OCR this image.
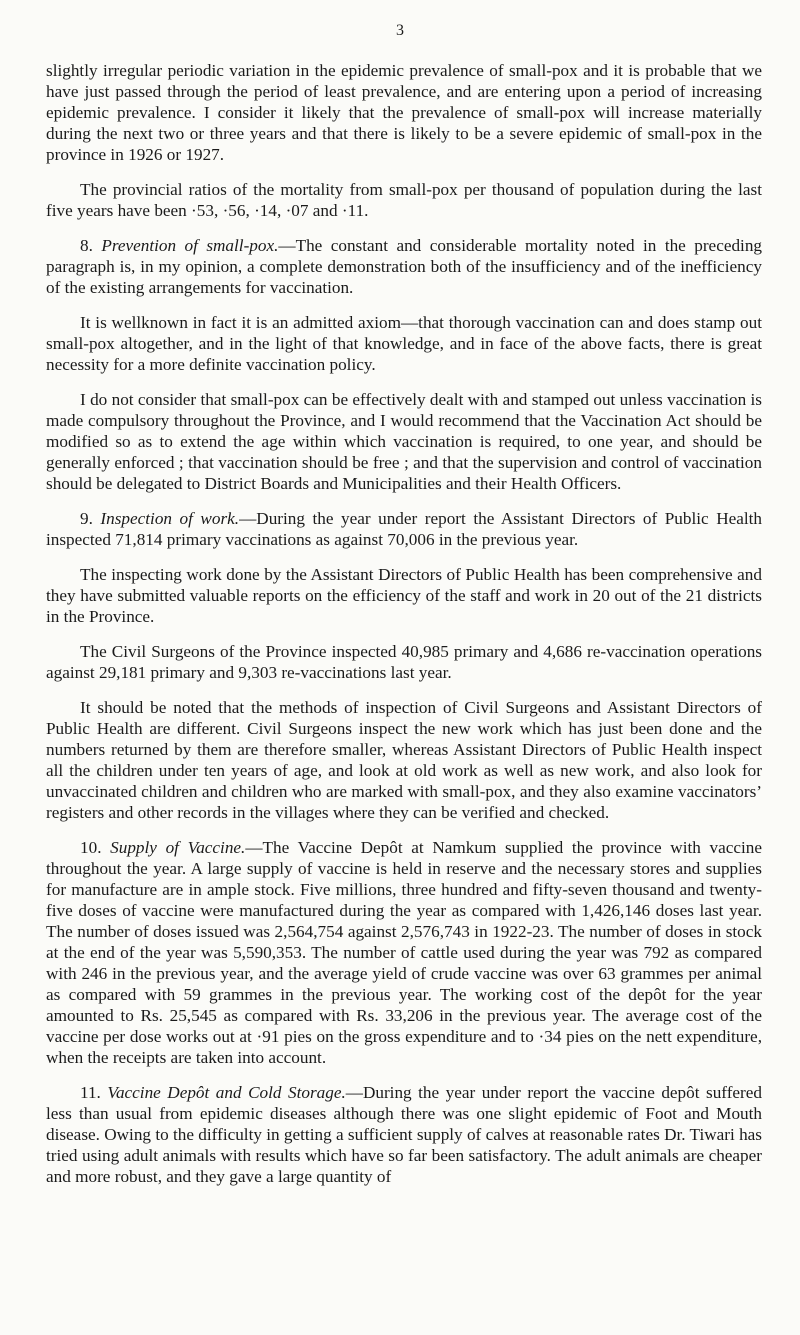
3

slightly irregular periodic variation in the epidemic prevalence of small-pox and it is probable that we have just passed through the period of least prevalence, and are entering upon a period of increasing epidemic prevalence. I consider it likely that the prevalence of small-pox will increase materially during the next two or three years and that there is likely to be a severe epidemic of small-pox in the province in 1926 or 1927.

The provincial ratios of the mortality from small-pox per thousand of population during the last five years have been ·53, ·56, ·14, ·07 and ·11.

8. Prevention of small-pox.—The constant and considerable mortality noted in the preceding paragraph is, in my opinion, a complete demonstration both of the insufficiency and of the inefficiency of the existing arrangements for vaccination.

It is wellknown in fact it is an admitted axiom—that thorough vaccination can and does stamp out small-pox altogether, and in the light of that knowledge, and in face of the above facts, there is great necessity for a more definite vaccination policy.

I do not consider that small-pox can be effectively dealt with and stamped out unless vaccination is made compulsory throughout the Province, and I would recommend that the Vaccination Act should be modified so as to extend the age within which vaccination is required, to one year, and should be generally enforced ; that vaccination should be free ; and that the supervision and control of vaccination should be delegated to District Boards and Municipalities and their Health Officers.

9. Inspection of work.—During the year under report the Assistant Directors of Public Health inspected 71,814 primary vaccinations as against 70,006 in the previous year.

The inspecting work done by the Assistant Directors of Public Health has been comprehensive and they have submitted valuable reports on the efficiency of the staff and work in 20 out of the 21 districts in the Province.

The Civil Surgeons of the Province inspected 40,985 primary and 4,686 re-vaccination operations against 29,181 primary and 9,303 re-vaccinations last year.

It should be noted that the methods of inspection of Civil Surgeons and Assistant Directors of Public Health are different. Civil Surgeons inspect the new work which has just been done and the numbers returned by them are therefore smaller, whereas Assistant Directors of Public Health inspect all the children under ten years of age, and look at old work as well as new work, and also look for unvaccinated children and children who are marked with small-pox, and they also examine vaccinators’ registers and other records in the villages where they can be verified and checked.

10. Supply of Vaccine.—The Vaccine Depôt at Namkum supplied the province with vaccine throughout the year. A large supply of vaccine is held in reserve and the necessary stores and supplies for manufacture are in ample stock. Five millions, three hundred and fifty-seven thousand and twenty-five doses of vaccine were manufactured during the year as compared with 1,426,146 doses last year. The number of doses issued was 2,564,754 against 2,576,743 in 1922-23. The number of doses in stock at the end of the year was 5,590,353. The number of cattle used during the year was 792 as compared with 246 in the previous year, and the average yield of crude vaccine was over 63 grammes per animal as compared with 59 grammes in the previous year. The working cost of the depôt for the year amounted to Rs. 25,545 as compared with Rs. 33,206 in the previous year. The average cost of the vaccine per dose works out at ·91 pies on the gross expenditure and to ·34 pies on the nett expenditure, when the receipts are taken into account.

11. Vaccine Depôt and Cold Storage.—During the year under report the vaccine depôt suffered less than usual from epidemic diseases although there was one slight epidemic of Foot and Mouth disease. Owing to the difficulty in getting a sufficient supply of calves at reasonable rates Dr. Tiwari has tried using adult animals with results which have so far been satisfactory. The adult animals are cheaper and more robust, and they gave a large quantity of
